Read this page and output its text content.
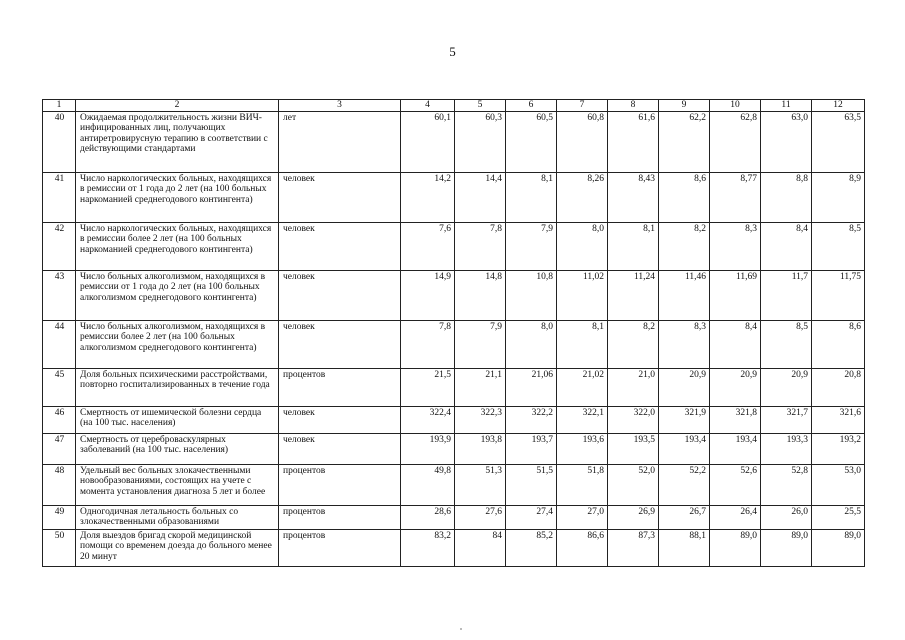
5
1	2	3	4	5	6	7	8	9	10	11	12
40	Ожидаемая продолжительность жизни ВИЧ-инфицированных лиц, получающих антиретровирусную терапию в соответствии с действующими стандартами	лет	60,1	60,3	60,5	60,8	61,6	62,2	62,8	63,0	63,5
41	Число наркологических больных, находящихся в ремиссии от 1 года до 2 лет (на 100 больных наркоманией среднегодового контингента)	человек	14,2	14,4	8,1	8,26	8,43	8,6	8,77	8,8	8,9
42	Число наркологических больных, находящихся в ремиссии более 2 лет (на 100 больных наркоманией среднегодового контингента)	человек	7,6	7,8	7,9	8,0	8,1	8,2	8,3	8,4	8,5
43	Число больных алкоголизмом, находящихся в ремиссии от 1 года до 2 лет (на 100 больных алкоголизмом среднегодового контингента)	человек	14,9	14,8	10,8	11,02	11,24	11,46	11,69	11,7	11,75
44	Число больных алкоголизмом, находящихся в ремиссии более 2 лет (на 100 больных алкоголизмом среднегодового контингента)	человек	7,8	7,9	8,0	8,1	8,2	8,3	8,4	8,5	8,6
45	Доля больных психическими расстройствами, повторно госпитализированных в течение года	процентов	21,5	21,1	21,06	21,02	21,0	20,9	20,9	20,9	20,8
46	Смертность от ишемической болезни сердца (на 100 тыс. населения)	человек	322,4	322,3	322,2	322,1	322,0	321,9	321,8	321,7	321,6
47	Смертность от цереброваскулярных заболеваний (на 100 тыс. населения)	человек	193,9	193,8	193,7	193,6	193,5	193,4	193,4	193,3	193,2
48	Удельный вес больных злокачественными новообразованиями, состоящих на учете с момента установления диагноза 5 лет и более	процентов	49,8	51,3	51,5	51,8	52,0	52,2	52,6	52,8	53,0
49	Одногодичная летальность больных со злокачественными образованиями	процентов	28,6	27,6	27,4	27,0	26,9	26,7	26,4	26,0	25,5
50	Доля выездов бригад скорой медицинской помощи со временем доезда до больного менее 20 минут	процентов	83,2	84	85,2	86,6	87,3	88,1	89,0	89,0	89,0
